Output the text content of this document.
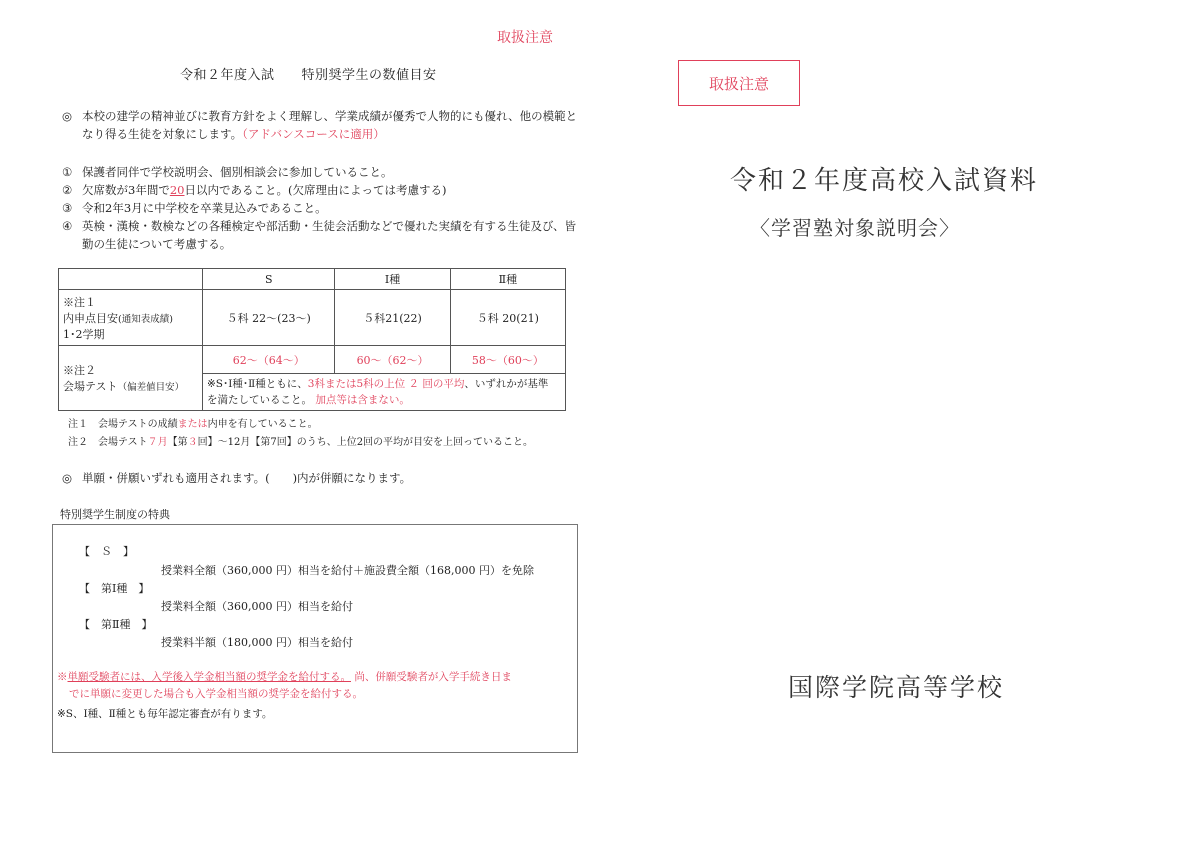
取扱注意
令和２年度入試　　特別奨学生の数値目安
◎ 本校の建学の精神並びに教育方針をよく理解し、学業成績が優秀で人物的にも優れ、他の模範と
なり得る生徒を対象にします。（アドバンスコースに適用）
① 保護者同伴で学校説明会、個別相談会に参加していること。
② 欠席数が3年間で20日以内であること。(欠席理由によっては考慮する)
③ 令和2年3月に中学校を卒業見込みであること。
④ 英検・漢検・数検などの各種検定や部活動・生徒会活動などで優れた実績を有する生徒及び、皆
勤の生徒について考慮する。
	S	Ⅰ種	Ⅱ種

※注１
内申点目安(通知表成績)
1･2学期	５科 22～(23～)	５科21(22)	５科 20(21)

※注２
会場テスト（偏差値目安）	62～（64～）	60～（62～）	58～（60～）
	※S･Ⅰ種･Ⅱ種ともに、3科または5科の上位 ２ 回の平均、いずれかが基準
を満たしていること。 加点等は含まない。		
注１　会場テストの成績または内申を有していること。
注２　会場テスト７月【第３回】～12月【第7回】のうち、上位2回の平均が目安を上回っていること。
◎ 単願・併願いずれも適用されます。(　　)内が併願になります。
特別奨学生制度の特典
【　Ｓ　】
授業料全額（360,000 円）相当を給付＋施設費全額（168,000 円）を免除
【　第Ⅰ種　】
授業料全額（360,000 円）相当を給付
【　第Ⅱ種　】
授業料半額（180,000 円）相当を給付
※単願受験者には、入学後入学金相当額の奨学金を給付する。 尚、併願受験者が入学手続き日ま
でに単願に変更した場合も入学金相当額の奨学金を給付する。
※S、Ⅰ種、Ⅱ種とも毎年認定審査が有ります。
取扱注意
令和２年度高校入試資料
〈学習塾対象説明会〉
国際学院高等学校
